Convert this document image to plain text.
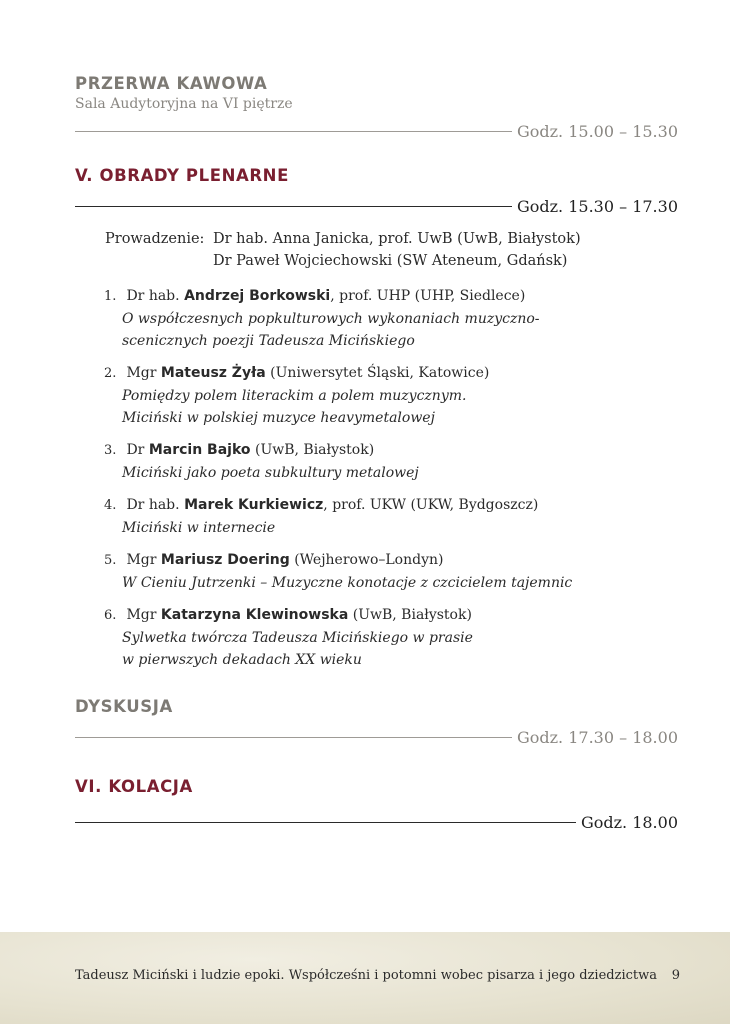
PRZERWA KAWOWA
Sala Audytoryjna na VI piętrze
Godz. 15.00 – 15.30
V. OBRADY PLENARNE
Godz. 15.30 – 17.30
Prowadzenie: Dr hab. Anna Janicka, prof. UwB (UwB, Białystok)
Dr Paweł Wojciechowski (SW Ateneum, Gdańsk)
1. Dr hab. Andrzej Borkowski, prof. UHP (UHP, Siedlece)
O współczesnych popkulturowych wykonaniach muzyczno-
scenicznych poezji Tadeusza Micińskiego
2. Mgr Mateusz Żyła (Uniwersytet Śląski, Katowice)
Pomiędzy polem literackim a polem muzycznym.
Miciński w polskiej muzyce heavymetalowej
3. Dr Marcin Bajko (UwB, Białystok)
Miciński jako poeta subkultury metalowej
4. Dr hab. Marek Kurkiewicz, prof. UKW (UKW, Bydgoszcz)
Miciński w internecie
5. Mgr Mariusz Doering (Wejherowo–Londyn)
W Cieniu Jutrzenki – Muzyczne konotacje z czcicielem tajemnic
6. Mgr Katarzyna Klewinowska (UwB, Białystok)
Sylwetka twórcza Tadeusza Micińskiego w prasie
w pierwszych dekadach XX wieku
DYSKUSJA
Godz. 17.30 – 18.00
VI. KOLACJA
Godz. 18.00
Tadeusz Miciński i ludzie epoki. Współcześni i potomni wobec pisarza i jego dziedzictwa 9
